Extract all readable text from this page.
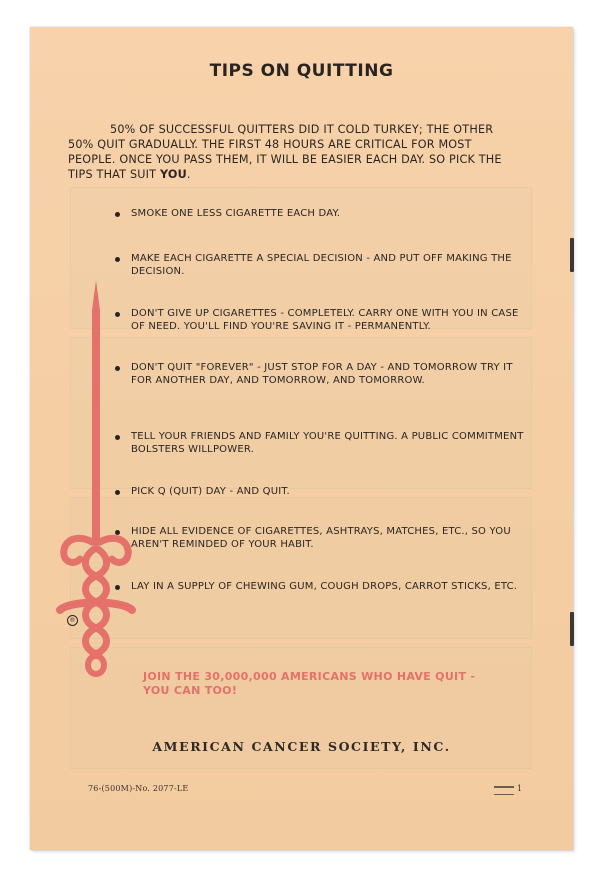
TIPS ON QUITTING

50% OF SUCCESSFUL QUITTERS DID IT COLD TURKEY; THE OTHER 50% QUIT GRADUALLY. THE FIRST 48 HOURS ARE CRITICAL FOR MOST PEOPLE. ONCE YOU PASS THEM, IT WILL BE EASIER EACH DAY. SO PICK THE TIPS THAT SUIT YOU.

SMOKE ONE LESS CIGARETTE EACH DAY.
MAKE EACH CIGARETTE A SPECIAL DECISION - AND PUT OFF MAKING THE DECISION.
DON'T GIVE UP CIGARETTES - COMPLETELY. CARRY ONE WITH YOU IN CASE OF NEED. YOU'LL FIND YOU'RE SAVING IT - PERMANENTLY.
DON'T QUIT "FOREVER" - JUST STOP FOR A DAY - AND TOMORROW TRY IT FOR ANOTHER DAY, AND TOMORROW, AND TOMORROW.
TELL YOUR FRIENDS AND FAMILY YOU'RE QUITTING. A PUBLIC COMMITMENT BOLSTERS WILLPOWER.
PICK Q (QUIT) DAY - AND QUIT.
HIDE ALL EVIDENCE OF CIGARETTES, ASHTRAYS, MATCHES, ETC., SO YOU AREN'T REMINDED OF YOUR HABIT.
LAY IN A SUPPLY OF CHEWING GUM, COUGH DROPS, CARROT STICKS, ETC.
®

JOIN THE 30,000,000 AMERICANS WHO HAVE QUIT -
YOU CAN TOO!

AMERICAN CANCER SOCIETY, INC.

76-(500M)-No. 2077-LE	1
